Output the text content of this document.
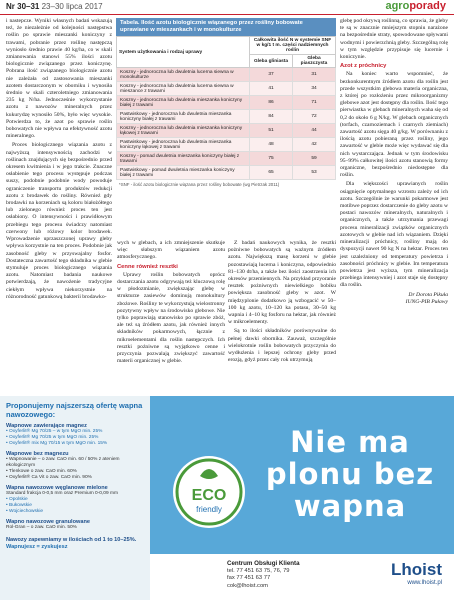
Nr 30–31 23–30 lipca 2017	agroporady

i nastepcze. Wyniki własnych badań wskazują też, że niezależnie od kolejności następstwa roślin po sprawie mieszanki koniczyny z trawami, pobranie przez roślinę następczą wyniosło średnio prawie 40 kg/ha, co w skali zmianowania stanowi 55% ilości azotu biologicznie związanego przez koniczynę. Pobrana ilość związanego biologicznie azotu nie zależała od zastosowania mieszanki azotem dostarczonym w oborniku i wynosiła średnio w skali czteroletniego zmianowania 235 kg N/ha. Jednocześnie wykorzystanie azotu z nawozów mineralnych przez kukurydzę wynosiło 50%, było więc wysokie. Potwierdza to, że azot po sprawie roślin bobowatych nie wpływa na efektywność azotu mineralnego.

Proces biologicznego wiązania azotu z najwyższą intensywnością zachodzi w roślinach znajdujących się bezpośrednio przed okresem kwitnienia i w jego trakcie. Znaczne osłabienie tego procesu występuje podczas suszy, podobnie podobnie wody powoduje ograniczenie transportu produktów redukcji azotu z brodawek do rośliny. Również gdy brodawki na korzeniach są koloru białożółtego lub zielonego również proces ten jest osłabiony. O intensywności i prawidłowym przebiegu tego procesu świadczy natomiast czerwony lub różowy kolor brodawek. Wprowadzenie uprzaszczonej uprawy gleby wpływa korzystnie na ten proces. Podobnie jak zasobność gleby w przyswajalny fosfor. Dostateczna zawartość tego składnika w glebie stymuluje proces biologicznego wiązania azotu. Natomiast badania naukowe potwierdzają, że nawożenie tradycyjne ciekłym wpływa niekorzystnie na różnorodność gatunkową bakterii brodawko-

Tabela. Ilość azotu biologicznie wiązanego przez rośliny bobowate uprawiane w mieszankach i w monokulturze
System użytkowania i rodzaj uprawy	Całkowita ilość N w systemie SNF w kg/1 t m. części nadziemnych roślin	
	Gleba gliniasta	Gleba piaszczysta
Koszny - jednoroczna lub dwuletnia lucerna siewna w monokulturze	37	31
Koszny - jednoroczna lub dwuletnia lucerna siewna w mieszance z trawami	41	34
Koszny - jednoroczna lub dwuletnia mieszanka koniczyny białej z trawami	86	71
Pastwiskowy - jednoroczna lub dwuletnia mieszanka koniczyny białej z trawami	84	72
Koszny - jednoroczna lub dwuletnia mieszanka koniczyny łąkowej z trawami	51	44
Pastwiskowy - jednoroczna lub dwuletnia mieszanka koniczyny łąkowej z trawami	48	42
Koszny - pomad dwuletnia mieszanka koniczyny białej z trawami	75	59
Pastwiskowy - pomad dwuletnia mieszanka koniczyny białej z trawami	65	53
*SNF - ilość azotu biologicznie wiązana przez rośliny bobowate (wg Pietrzak 2011)

wych w glebach, a ich zmniejszenie skutkuje więc słabszym wiązaniem azotu atmosferycznego.

Cenne również resztki

Uprawy roślin bobowatych oprócz dostarczania azotu odgrywają też kluczową rolę w płodozmianie, zwiększając glebę w strukturze zasiewów dominują monokultury zbożowe. Rośliny te wykorzystują wielostronny pozytywny wpływ na środowisko glebowe. Nie tylko poprawiają stanowisko po sprawie zbóż, ale też są źródłem azotu, jak również innych składników pokarmowych, łącznie z mikroelementami dla roślin następczych. Ich resztki pożniwne są wyjątkowo cenne i przyczynia pozwalają zwiększyć zawartość materii organicznej w glebie.

Z badań naukowych wynika, że resztki pożniwne bobowatych są ważnym źródłem azotu. Największą masę korzeni w glebie pozostawiają lucerna i koniczyna, odpowiednio 81–130 dt/ha, a także bez ilości zaostrzenia ich okresów przemiennych. Na przykład przyoranie resztek pożniwnych niewielkiego bobiku powiększa zasobność gleby w azot. W międzyplonie dodatkowo ją wzbogacić w 50–100 kg azotu, 10–120 ka potasu, 30–50 kg wapnia i 4–10 kg fosforu na hektar, jak również w mikroelementy.

Są to ilości składników porównywalne do pełnej dawki obornika. Zauważ, szczególnie wielokrotnie roślin bobowatych przyczynia do wydłużenia i lepszej ochrony gleby przed erozją, gdyż przez cały rok utrzymują

glebę pod okrywą roślinną, co sprawia, że gleby te są w znacznie mniejszym stopniu narażone na bezpośrednie straty, spowodowane spływami wodnymi i powierzchnią gleby. Szczególną rolę w tym względzie przypisuje się lucernie i koniczynie.

Azot z próchnicy

Na koniec warto wspomnieć, że bezkonkurentnym źródłem azotu dla roślin jest przede wszystkim glebowa materia organiczna, z której po rozłożeniu przez mikroorganizmy glebowe azot jest dostępny dla roślin. Ilość tego pierwiastka w glebach mineralnych waha się od 0,2 do około 6 g N/kg. W glebach organicznych (torfach, czarnoziemach i czarnych ziemiach) zawartość azotu sięga 40 g/kg. W porównaniu z ilością azotu pobieraną przez rośliny, jego zawartość w glebie może więc wydawać się dla nich wystarczająca. Jednak w tym środowisku 95–99% całkowitej ilości azotu stanowią formy organiczne, bezpośrednio niedostępne dla roślin.

Dla większości uprawianych roślin osiągnięcie optymalnego wzrostu zależy od ich azotu. Szczególnie że warunki pokarmowe jest motibwe poprzez dostarczenie do gleby azotu w postaci nawozów mineralnych, naturalnych i organicznych, a także utrzymania przewagi procesu mineralizacji związków organicznych azotowych w glebie nad ich wiązaniem. Dzięki mineralizacji próchnicy, rośliny mają do dyspozycji nawet 90 kg N na hektar. Proces ten jest uzależniony od temperatury powietrza i zasobności próchnicy w glebie. Im temperatura powietrza jest wyższa, tym mineralizacja przebiega intensywniej i azot staje się dostępny dla roślin.

Dr Dorota Pikuła
IUNG-PIB Puławy
Proponujemy najszerszą ofertę wapna nawozowego:
Wapnowe zawierające magnez
• Oxyferlit® Mg 70/25 – w tym MgO min. 25%
• Oxyferlit® Mg 70/25 w tym MgO min. 25%
• Oxyferlit® mix Mg 70/15 w tym MgO min. 15%
Wapnowe bez magnezu
• Wapnowanie – o zaw. CaO min. 60 / 50% z ateniem ekologicznym
• Tlenkowe o zaw. CaO min. 60%
• Oxyferlit® Ca Vit o zaw. CaO min. 90%
Wapna nawozowe węglanowe mielone
Standard frakcja 0-0,5 mm oraz Premium 0-0,09 mm
• Opolskie
• Bukowskie
• Wojciechowskie
Wapno nawozowe granulowane
Rol-Gran – o zaw. CaO min. 50%
Nawozy zapewniamy w ilościach od 1 to 10–25%.
Wapnujesz = zyskujesz
Nie ma plonu bez wapna
ECO
friendly
Centrum Obsługi Klienta
tel. 77 451 63 75, 76, 79
fax 77 451 63 77
cok@lhoist.com
Lhoist
www.lhoist.pl
